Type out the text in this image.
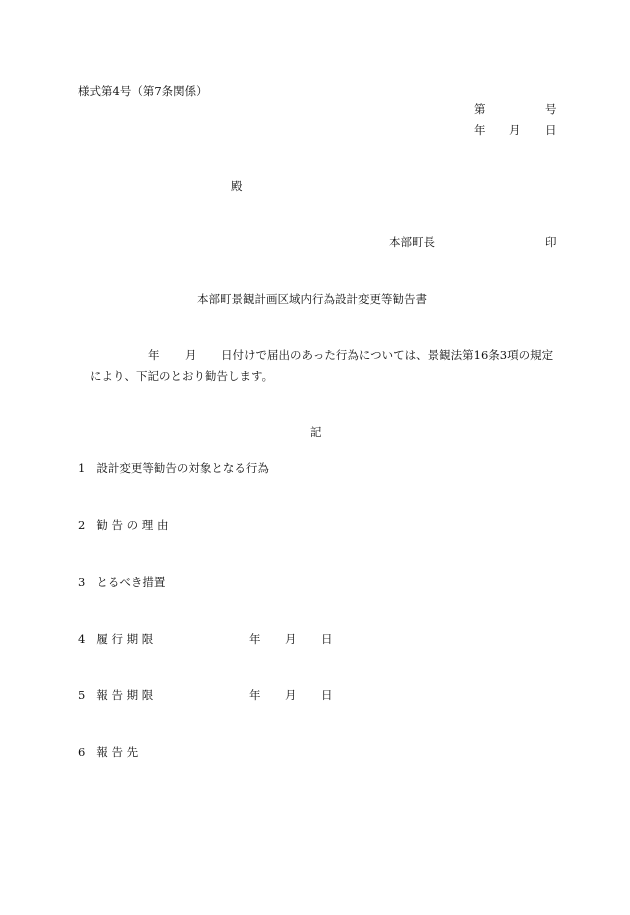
様式第4号（第7条関係）
第	号
年 月 日
殿
本部町長	印
本部町景観計画区域内行為設計変更等勧告書
年 月 日付けで届出のあった行為については、景観法第16条3項の規定
により、下記のとおり勧告します。
記
1 設計変更等勧告の対象となる行為
2 勧 告 の 理 由
3 とるべき措置
4 履 行 期 限	年 月 日
5 報 告 期 限	年 月 日
6 報 告 先
